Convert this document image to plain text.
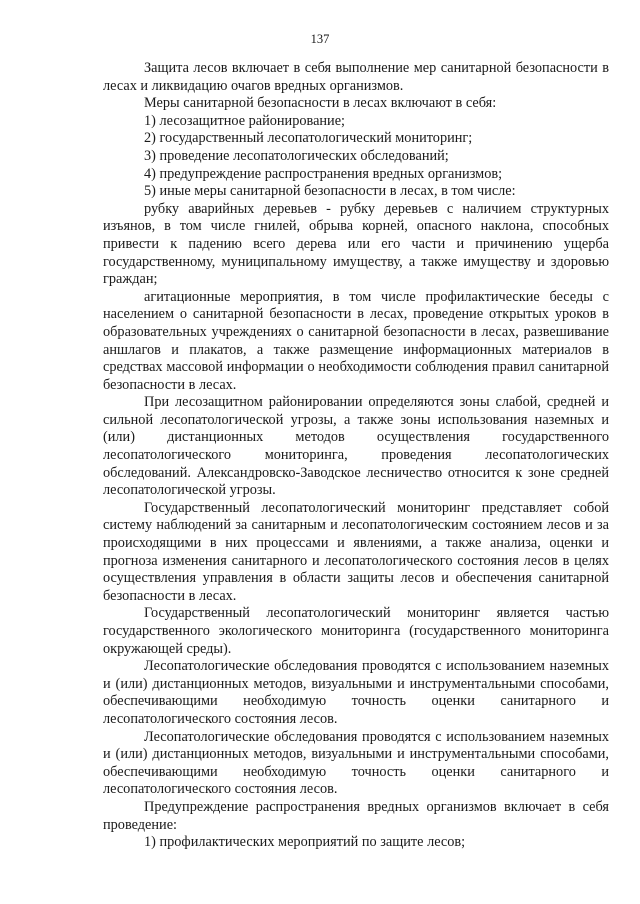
137

Защита лесов включает в себя выполнение мер санитарной безопасности в лесах и ликвидацию очагов вредных организмов.

Меры санитарной безопасности в лесах включают в себя:

1) лесозащитное районирование;

2) государственный лесопатологический мониторинг;

3) проведение лесопатологических обследований;

4) предупреждение распространения вредных организмов;

5) иные меры санитарной безопасности в лесах, в том числе:

рубку аварийных деревьев - рубку деревьев с наличием структурных изъянов, в том числе гнилей, обрыва корней, опасного наклона, способных привести к падению всего дерева или его части и причинению ущерба государственному, муниципальному имуществу, а также имуществу и здоровью граждан;

агитационные мероприятия, в том числе профилактические беседы с населением о санитарной безопасности в лесах, проведение открытых уроков в образовательных учреждениях о санитарной безопасности в лесах, развешивание аншлагов и плакатов, а также размещение информационных материалов в средствах массовой информации о необходимости соблюдения правил санитарной безопасности в лесах.

При лесозащитном районировании определяются зоны слабой, средней и сильной лесопатологической угрозы, а также зоны использования наземных и (или) дистанционных методов осуществления государственного лесопатологического мониторинга, проведения лесопатологических обследований. Александровско-Заводское лесничество относится к зоне средней лесопатологической угрозы.

Государственный лесопатологический мониторинг представляет собой систему наблюдений за санитарным и лесопатологическим состоянием лесов и за происходящими в них процессами и явлениями, а также анализа, оценки и прогноза изменения санитарного и лесопатологического состояния лесов в целях осуществления управления в области защиты лесов и обеспечения санитарной безопасности в лесах.

Государственный лесопатологический мониторинг является частью государственного экологического мониторинга (государственного мониторинга окружающей среды).

Лесопатологические обследования проводятся с использованием наземных и (или) дистанционных методов, визуальными и инструментальными способами, обеспечивающими необходимую точность оценки санитарного и лесопатологического состояния лесов.

Лесопатологические обследования проводятся с использованием наземных и (или) дистанционных методов, визуальными и инструментальными способами, обеспечивающими необходимую точность оценки санитарного и лесопатологического состояния лесов.

Предупреждение распространения вредных организмов включает в себя проведение:

1) профилактических мероприятий по защите лесов;
